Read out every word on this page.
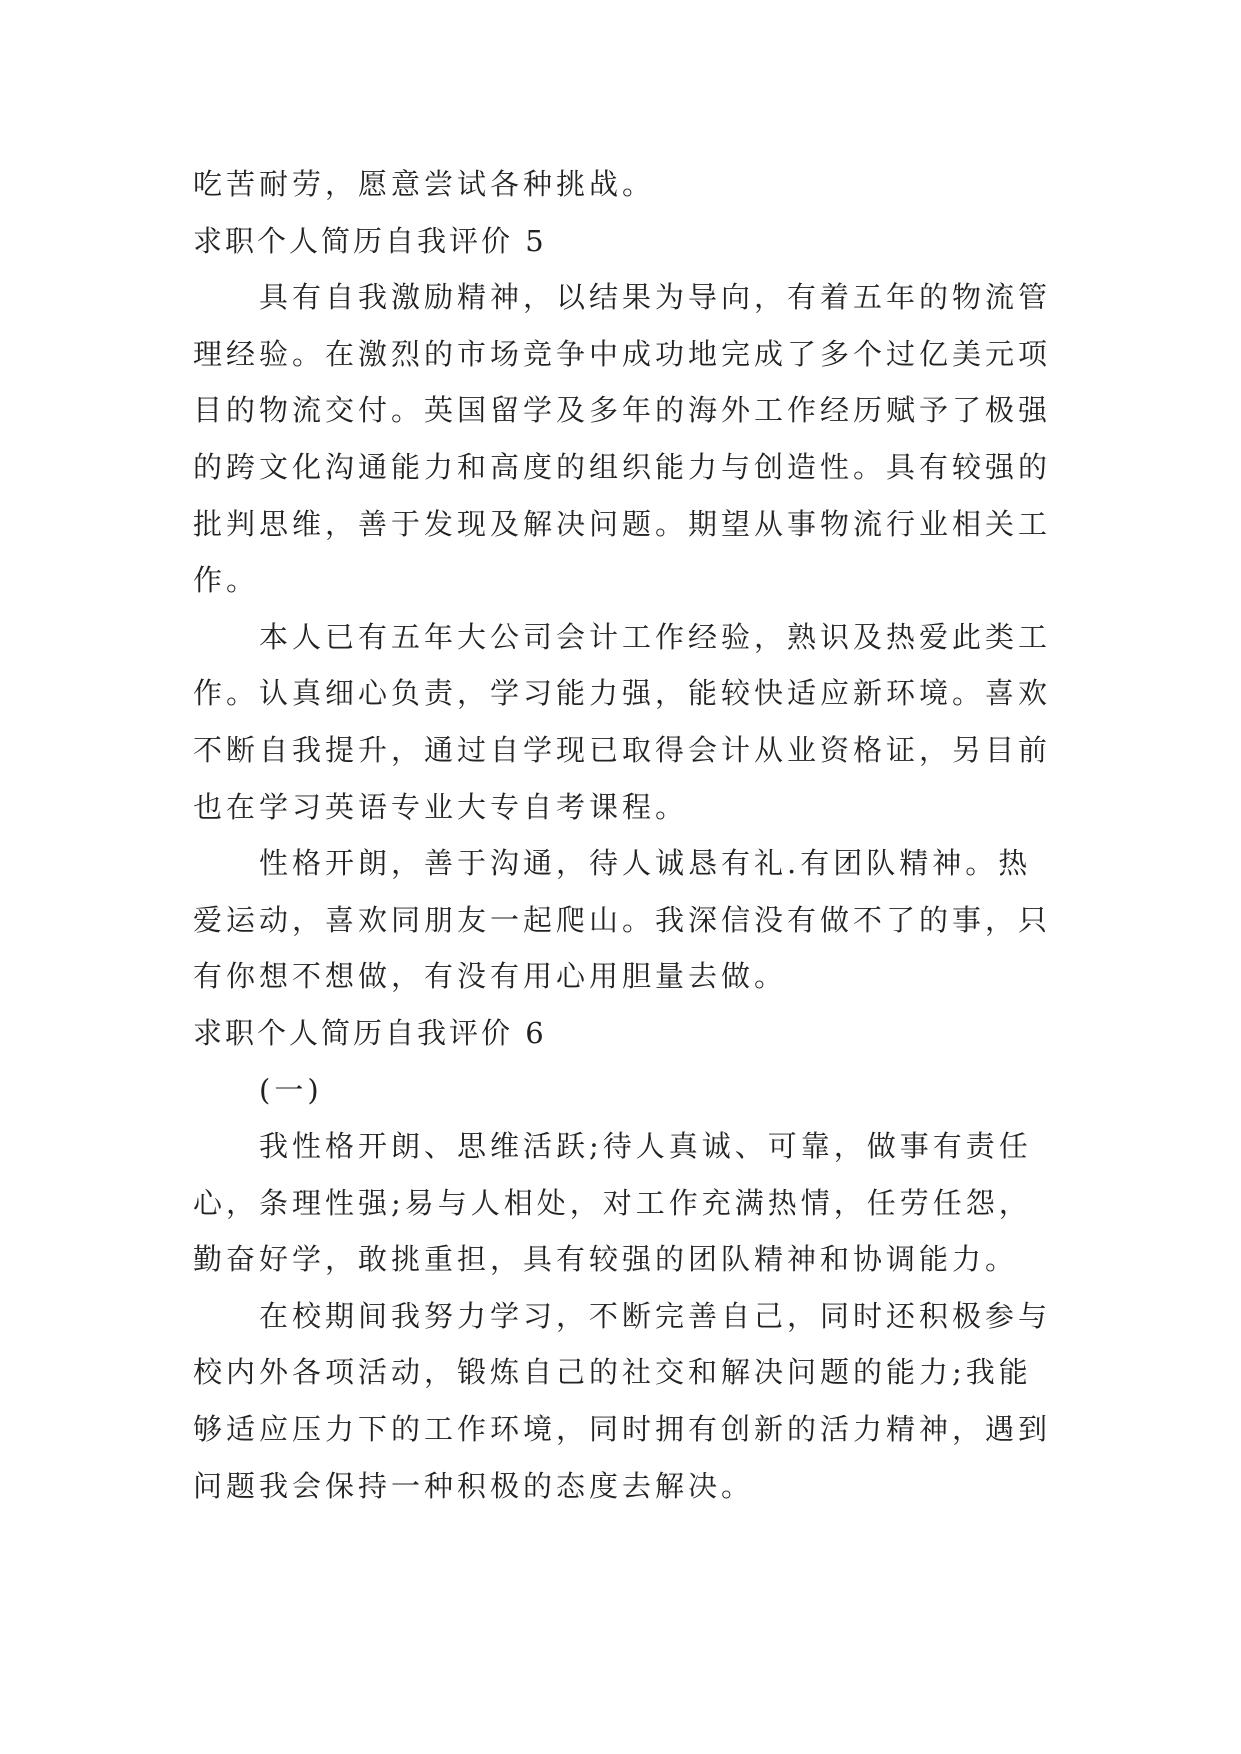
吃苦耐劳，愿意尝试各种挑战。

求职个人简历自我评价 5

具有自我激励精神，以结果为导向，有着五年的物流管理经验。在激烈的市场竞争中成功地完成了多个过亿美元项目的物流交付。英国留学及多年的海外工作经历赋予了极强的跨文化沟通能力和高度的组织能力与创造性。具有较强的批判思维，善于发现及解决问题。期望从事物流行业相关工作。

本人已有五年大公司会计工作经验，熟识及热爱此类工作。认真细心负责，学习能力强，能较快适应新环境。喜欢不断自我提升，通过自学现已取得会计从业资格证，另目前也在学习英语专业大专自考课程。

性格开朗，善于沟通，待人诚恳有礼.有团队精神。热爱运动，喜欢同朋友一起爬山。我深信没有做不了的事，只有你想不想做，有没有用心用胆量去做。

求职个人简历自我评价 6

(一)

我性格开朗、思维活跃;待人真诚、可靠，做事有责任心，条理性强;易与人相处，对工作充满热情，任劳任怨，勤奋好学，敢挑重担，具有较强的团队精神和协调能力。

在校期间我努力学习，不断完善自己，同时还积极参与校内外各项活动，锻炼自己的社交和解决问题的能力;我能够适应压力下的工作环境，同时拥有创新的活力精神，遇到问题我会保持一种积极的态度去解决。
